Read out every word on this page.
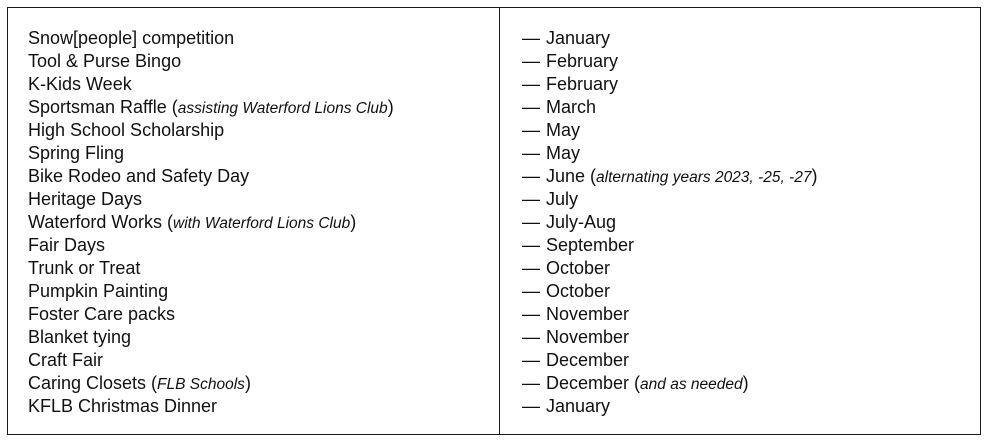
Snow[people] competition
Tool & Purse Bingo
K-Kids Week
Sportsman Raffle (assisting Waterford Lions Club)
High School Scholarship
Spring Fling
Bike Rodeo and Safety Day
Heritage Days
Waterford Works (with Waterford Lions Club)
Fair Days
Trunk or Treat
Pumpkin Painting
Foster Care packs
Blanket tying
Craft Fair
Caring Closets (FLB Schools)
KFLB Christmas Dinner
— January
— February
— February
— March
— May
— May
— June (alternating years 2023, -25, -27)
— July
— July-Aug
— September
— October
— October
— November
— November
— December
— December (and as needed)
— January
